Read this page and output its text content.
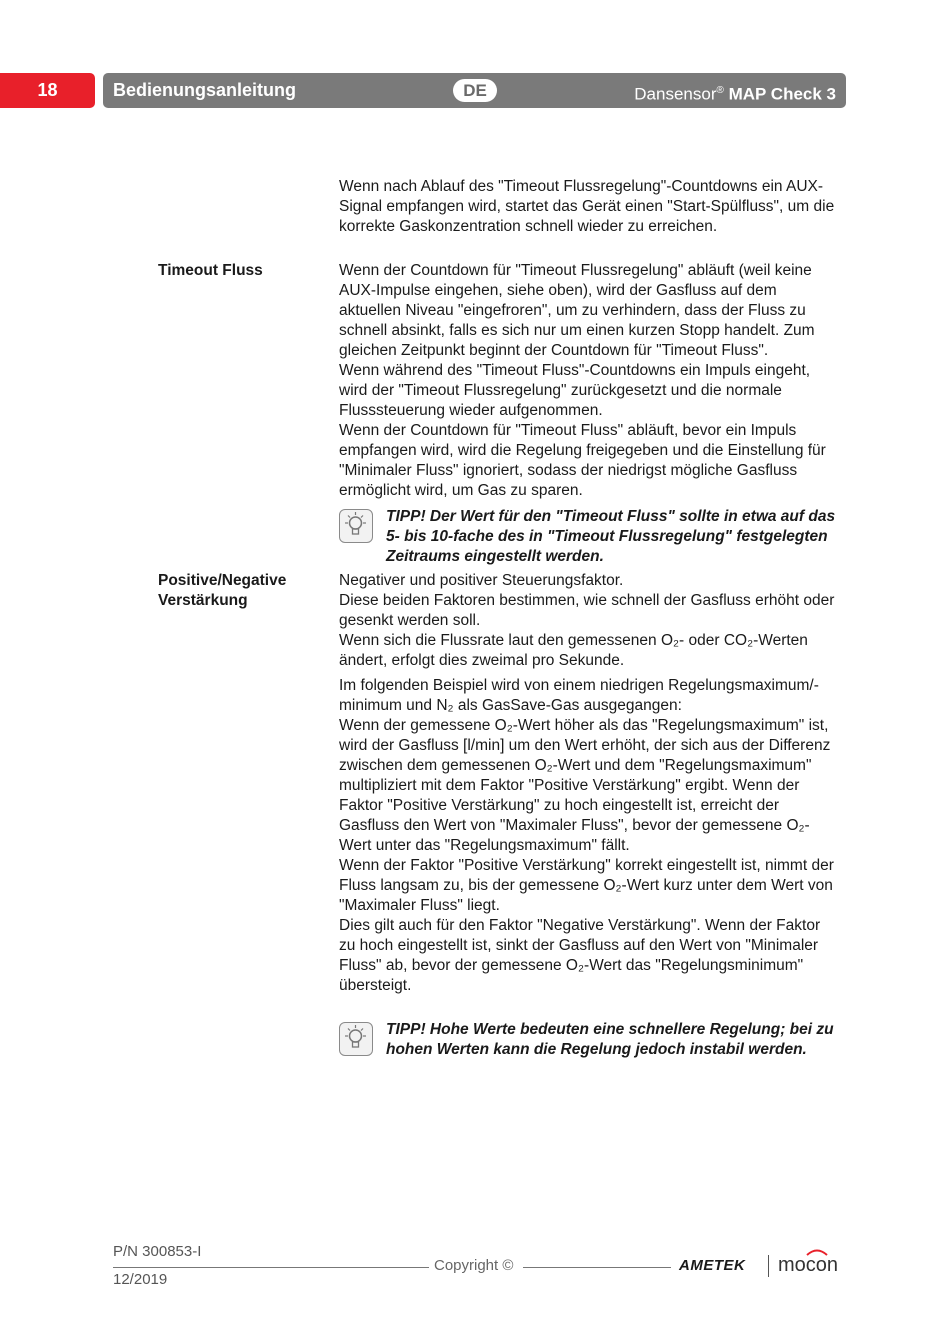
18	Bedienungsanleitung	DE	Dansensor® MAP Check 3

Wenn nach Ablauf des "Timeout Flussregelung"-Countdowns ein AUX-Signal empfangen wird, startet das Gerät einen "Start-Spülfluss", um die korrekte Gaskonzentration schnell wieder zu erreichen.

Timeout Fluss	Wenn der Countdown für "Timeout Flussregelung" abläuft (weil keine AUX-Impulse eingehen, siehe oben), wird der Gasfluss auf dem aktuellen Niveau "eingefroren", um zu verhindern, dass der Fluss zu schnell absinkt, falls es sich nur um einen kurzen Stopp handelt. Zum gleichen Zeitpunkt beginnt der Countdown für "Timeout Fluss".

Wenn während des "Timeout Fluss"-Countdowns ein Impuls eingeht, wird der "Timeout Flussregelung" zurückgesetzt und die normale Flusssteuerung wieder aufgenommen.

Wenn der Countdown für "Timeout Fluss" abläuft, bevor ein Impuls empfangen wird, wird die Regelung freigegeben und die Einstellung für "Minimaler Fluss" ignoriert, sodass der niedrigst mögliche Gasfluss ermöglicht wird, um Gas zu sparen.

TIPP! Der Wert für den "Timeout Fluss" sollte in etwa auf das 5- bis 10-fache des in "Timeout Flussregelung" festgelegten Zeitraums eingestellt werden.
Positive/Negative Verstärkung

Negativer und positiver Steuerungsfaktor.

Diese beiden Faktoren bestimmen, wie schnell der Gasfluss erhöht oder gesenkt werden soll.

Wenn sich die Flussrate laut den gemessenen O₂- oder CO₂-Werten ändert, erfolgt dies zweimal pro Sekunde.

Im folgenden Beispiel wird von einem niedrigen Regelungsmaximum/-minimum und N₂ als GasSave-Gas ausgegangen:

Wenn der gemessene O₂-Wert höher als das "Regelungsmaximum" ist, wird der Gasfluss [l/min] um den Wert erhöht, der sich aus der Differenz zwischen dem gemessenen O₂-Wert und dem "Regelungsmaximum" multipliziert mit dem Faktor "Positive Verstärkung" ergibt. Wenn der Faktor "Positive Verstärkung" zu hoch eingestellt ist, erreicht der Gasfluss den Wert von "Maximaler Fluss", bevor der gemessene O₂-Wert unter das "Regelungsmaximum" fällt.

Wenn der Faktor "Positive Verstärkung" korrekt eingestellt ist, nimmt der Fluss langsam zu, bis der gemessene O₂-Wert kurz unter dem Wert von "Maximaler Fluss" liegt.

Dies gilt auch für den Faktor "Negative Verstärkung". Wenn der Faktor zu hoch eingestellt ist, sinkt der Gasfluss auf den Wert von "Minimaler Fluss" ab, bevor der gemessene O₂-Wert das "Regelungsminimum" übersteigt.

TIPP! Hohe Werte bedeuten eine schnellere Regelung; bei zu hohen Werten kann die Regelung jedoch instabil werden.
P/N 300853-I
Copyright ©
12/2019
AMETEK mocon
